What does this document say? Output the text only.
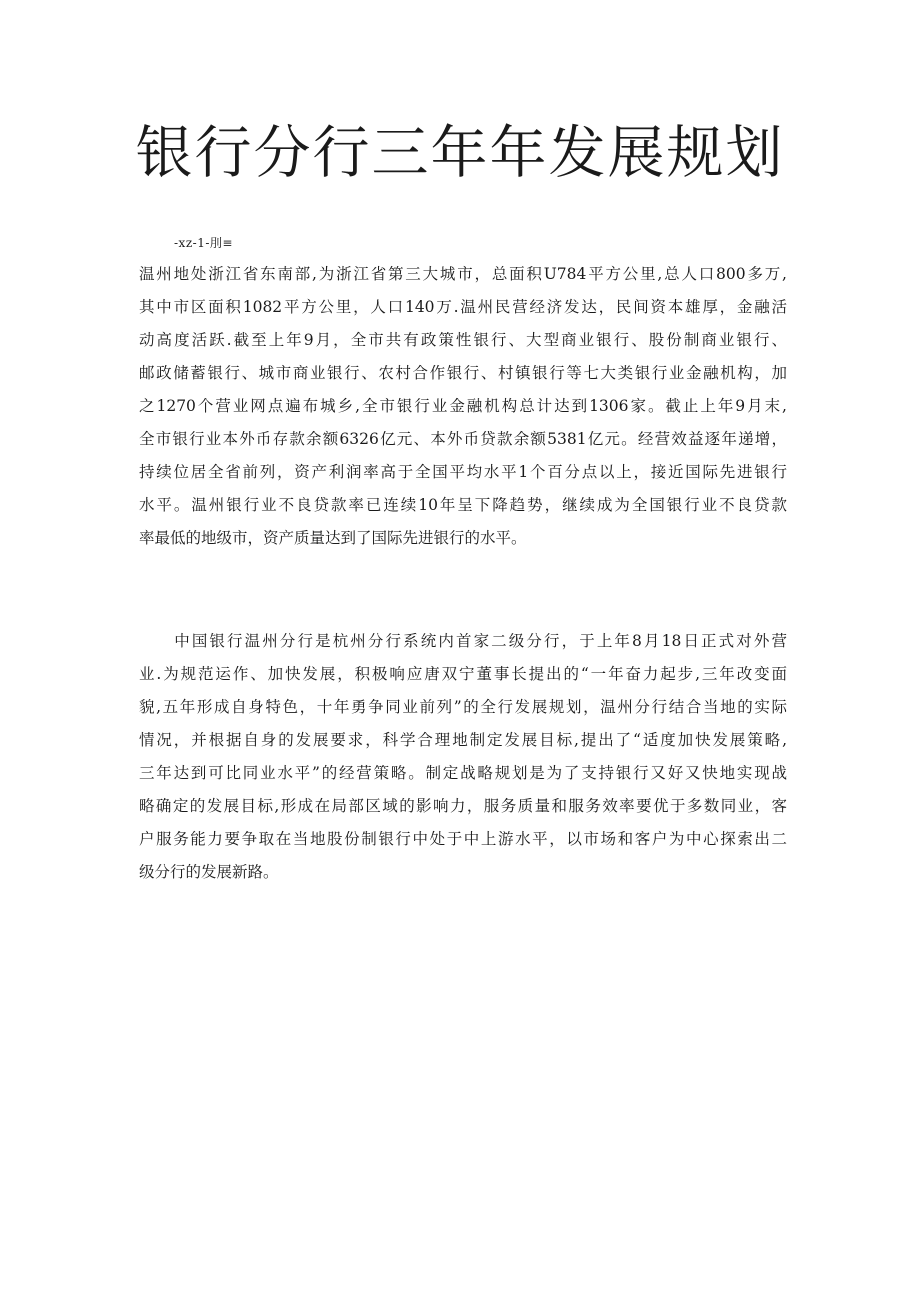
银行分行三年年发展规划
-xz-1-刖≡

温州地处浙江省东南部,为浙江省第三大城市，总面积U784平方公里,总人口800多万,
其中市区面积1082平方公里，人口140万.温州民营经济发达，民间资本雄厚，金融活
动高度活跃.截至上年9月，全市共有政策性银行、大型商业银行、股份制商业银行、
邮政储蓄银行、城市商业银行、农村合作银行、村镇银行等七大类银行业金融机构，加
之1270个营业网点遍布城乡,全市银行业金融机构总计达到1306家。截止上年9月末,
全市银行业本外币存款余额6326亿元、本外币贷款余额5381亿元。经营效益逐年递增，
持续位居全省前列，资产利润率高于全国平均水平1个百分点以上，接近国际先进银行
水平。温州银行业不良贷款率已连续10年呈下降趋势，继续成为全国银行业不良贷款
率最低的地级市，资产质量达到了国际先进银行的水平。

　　中国银行温州分行是杭州分行系统内首家二级分行，于上年8月18日正式对外营
业.为规范运作、加快发展，积极响应唐双宁董事长提出的“一年奋力起步,三年改变面
貌,五年形成自身特色，十年勇争同业前列”的全行发展规划，温州分行结合当地的实际
情况，并根据自身的发展要求，科学合理地制定发展目标,提出了“适度加快发展策略,
三年达到可比同业水平”的经营策略。制定战略规划是为了支持银行又好又快地实现战
略确定的发展目标,形成在局部区域的影响力，服务质量和服务效率要优于多数同业，客
户服务能力要争取在当地股份制银行中处于中上游水平，以市场和客户为中心探索出二
级分行的发展新路。
